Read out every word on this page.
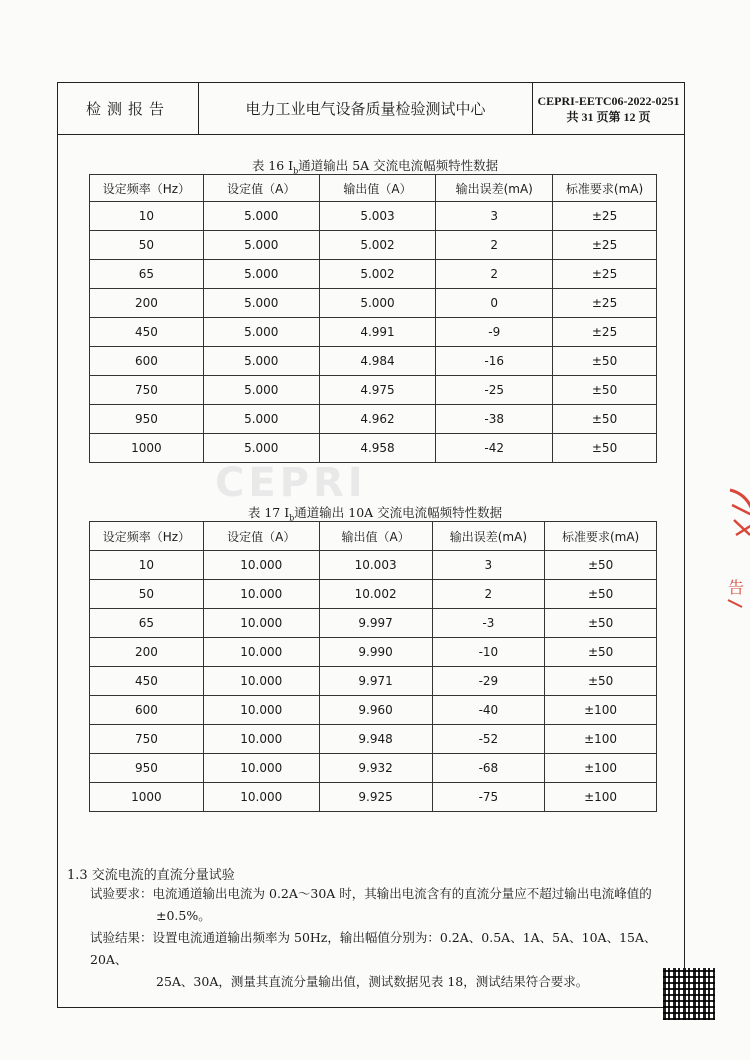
CEPRI
检测报告	电力工业电气设备质量检验测试中心	CEPRI-EETC06-2022-0251
共 31 页第 12 页
表 16 $I_b$通道输出 5A 交流电流幅频特性数据
设定频率（Hz）	设定值（A）	输出值（A）	输出误差(mA)	标准要求(mA)
10	5.000	5.003	3	±25
50	5.000	5.002	2	±25
65	5.000	5.002	2	±25
200	5.000	5.000	0	±25
450	5.000	4.991	-9	±25
600	5.000	4.984	-16	±50
750	5.000	4.975	-25	±50
950	5.000	4.962	-38	±50
1000	5.000	4.958	-42	±50
表 17 $I_b$通道输出 10A 交流电流幅频特性数据
设定频率（Hz）	设定值（A）	输出值（A）	输出误差(mA)	标准要求(mA)
10	10.000	10.003	3	±50
50	10.000	10.002	2	±50
65	10.000	9.997	-3	±50
200	10.000	9.990	-10	±50
450	10.000	9.971	-29	±50
600	10.000	9.960	-40	±100
750	10.000	9.948	-52	±100
950	10.000	9.932	-68	±100
1000	10.000	9.925	-75	±100
1.3 交流电流的直流分量试验
试验要求：电流通道输出电流为 0.2A～30A 时，其输出电流含有的直流分量应不超过输出电流峰值的
±0.5%。
试验结果：设置电流通道输出频率为 50Hz，输出幅值分别为：0.2A、0.5A、1A、5A、10A、15A、20A、
25A、30A，测量其直流分量输出值，测试数据见表 18，测试结果符合要求。
告
